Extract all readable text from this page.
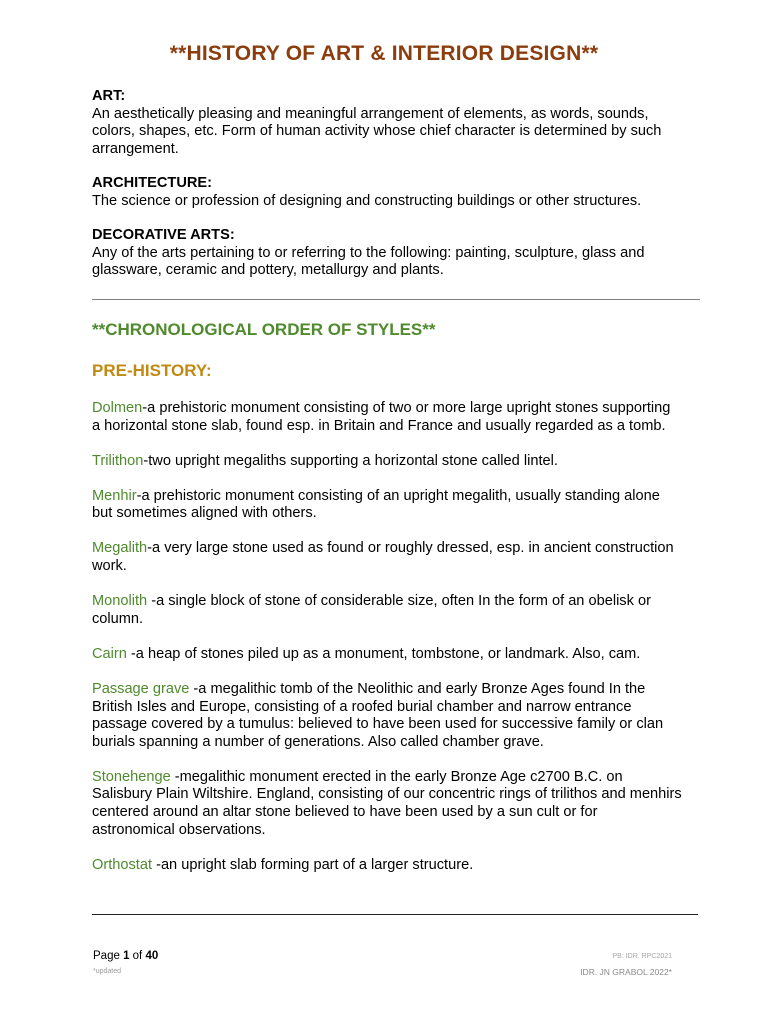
**HISTORY OF ART & INTERIOR DESIGN**

ART:
An aesthetically pleasing and meaningful arrangement of elements, as words, sounds, colors, shapes, etc. Form of human activity whose chief character is determined by such arrangement.

ARCHITECTURE:
The science or profession of designing and constructing buildings or other structures.

DECORATIVE ARTS:
Any of the arts pertaining to or referring to the following: painting, sculpture, glass and glassware, ceramic and pottery, metallurgy and plants.

**CHRONOLOGICAL ORDER OF STYLES**
PRE-HISTORY:

Dolmen-a prehistoric monument consisting of two or more large upright stones supporting a horizontal stone slab, found esp. in Britain and France and usually regarded as a tomb.

Trilithon-two upright megaliths supporting a horizontal stone called lintel.

Menhir-a prehistoric monument consisting of an upright megalith, usually standing alone but sometimes aligned with others.

Megalith-a very large stone used as found or roughly dressed, esp. in ancient construction work.

Monolith -a single block of stone of considerable size, often In the form of an obelisk or column.

Cairn -a heap of stones piled up as a monument, tombstone, or landmark. Also, cam.

Passage grave -a megalithic tomb of the Neolithic and early Bronze Ages found In the British Isles and Europe, consisting of a roofed burial chamber and narrow entrance passage covered by a tumulus: believed to have been used for successive family or clan burials spanning a number of generations. Also called chamber grave.

Stonehenge -megalithic monument erected in the early Bronze Age c2700 B.C. on Salisbury Plain Wiltshire. England, consisting of our concentric rings of trilithos and menhirs centered around an altar stone believed to have been used by a sun cult or for astronomical observations.

Orthostat -an upright slab forming part of a larger structure.

Page 1 of 40
*updated
PB: IDR. RPC2021
IDR. JN GRABOL 2022*
